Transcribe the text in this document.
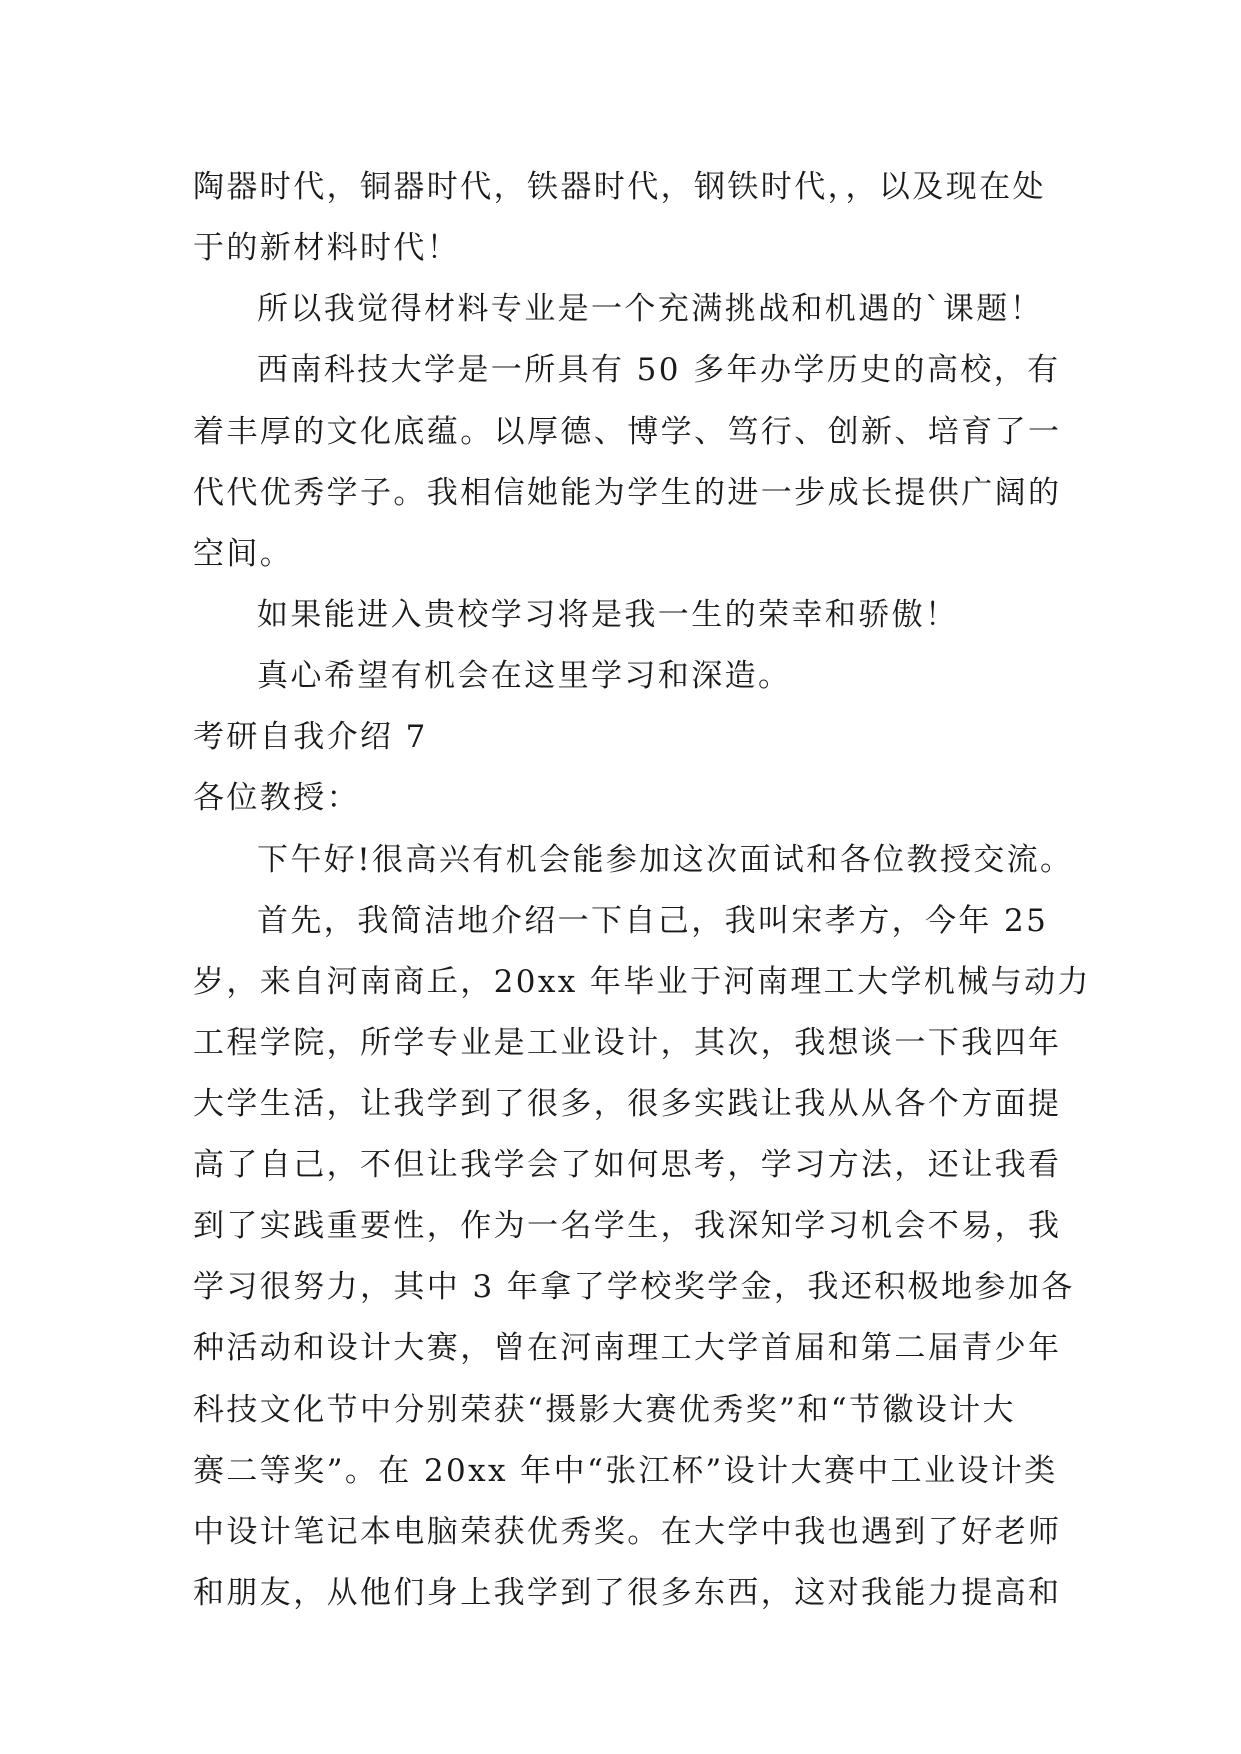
陶器时代，铜器时代，铁器时代，钢铁时代，，以及现在处

于的新材料时代！

所以我觉得材料专业是一个充满挑战和机遇的`课题！

西南科技大学是一所具有 50 多年办学历史的高校，有

着丰厚的文化底蕴。以厚德、博学、笃行、创新、培育了一

代代优秀学子。我相信她能为学生的进一步成长提供广阔的

空间。

如果能进入贵校学习将是我一生的荣幸和骄傲！

真心希望有机会在这里学习和深造。

考研自我介绍 7

各位教授：

下午好!很高兴有机会能参加这次面试和各位教授交流。

首先，我简洁地介绍一下自己，我叫宋孝方，今年 25

岁，来自河南商丘，20xx 年毕业于河南理工大学机械与动力

工程学院，所学专业是工业设计，其次，我想谈一下我四年

大学生活，让我学到了很多，很多实践让我从从各个方面提

高了自己，不但让我学会了如何思考，学习方法，还让我看

到了实践重要性，作为一名学生，我深知学习机会不易，我

学习很努力，其中 3 年拿了学校奖学金，我还积极地参加各

种活动和设计大赛，曾在河南理工大学首届和第二届青少年

科技文化节中分别荣获“摄影大赛优秀奖”和“节徽设计大

赛二等奖”。在 20xx 年中“张江杯”设计大赛中工业设计类

中设计笔记本电脑荣获优秀奖。在大学中我也遇到了好老师

和朋友，从他们身上我学到了很多东西，这对我能力提高和
